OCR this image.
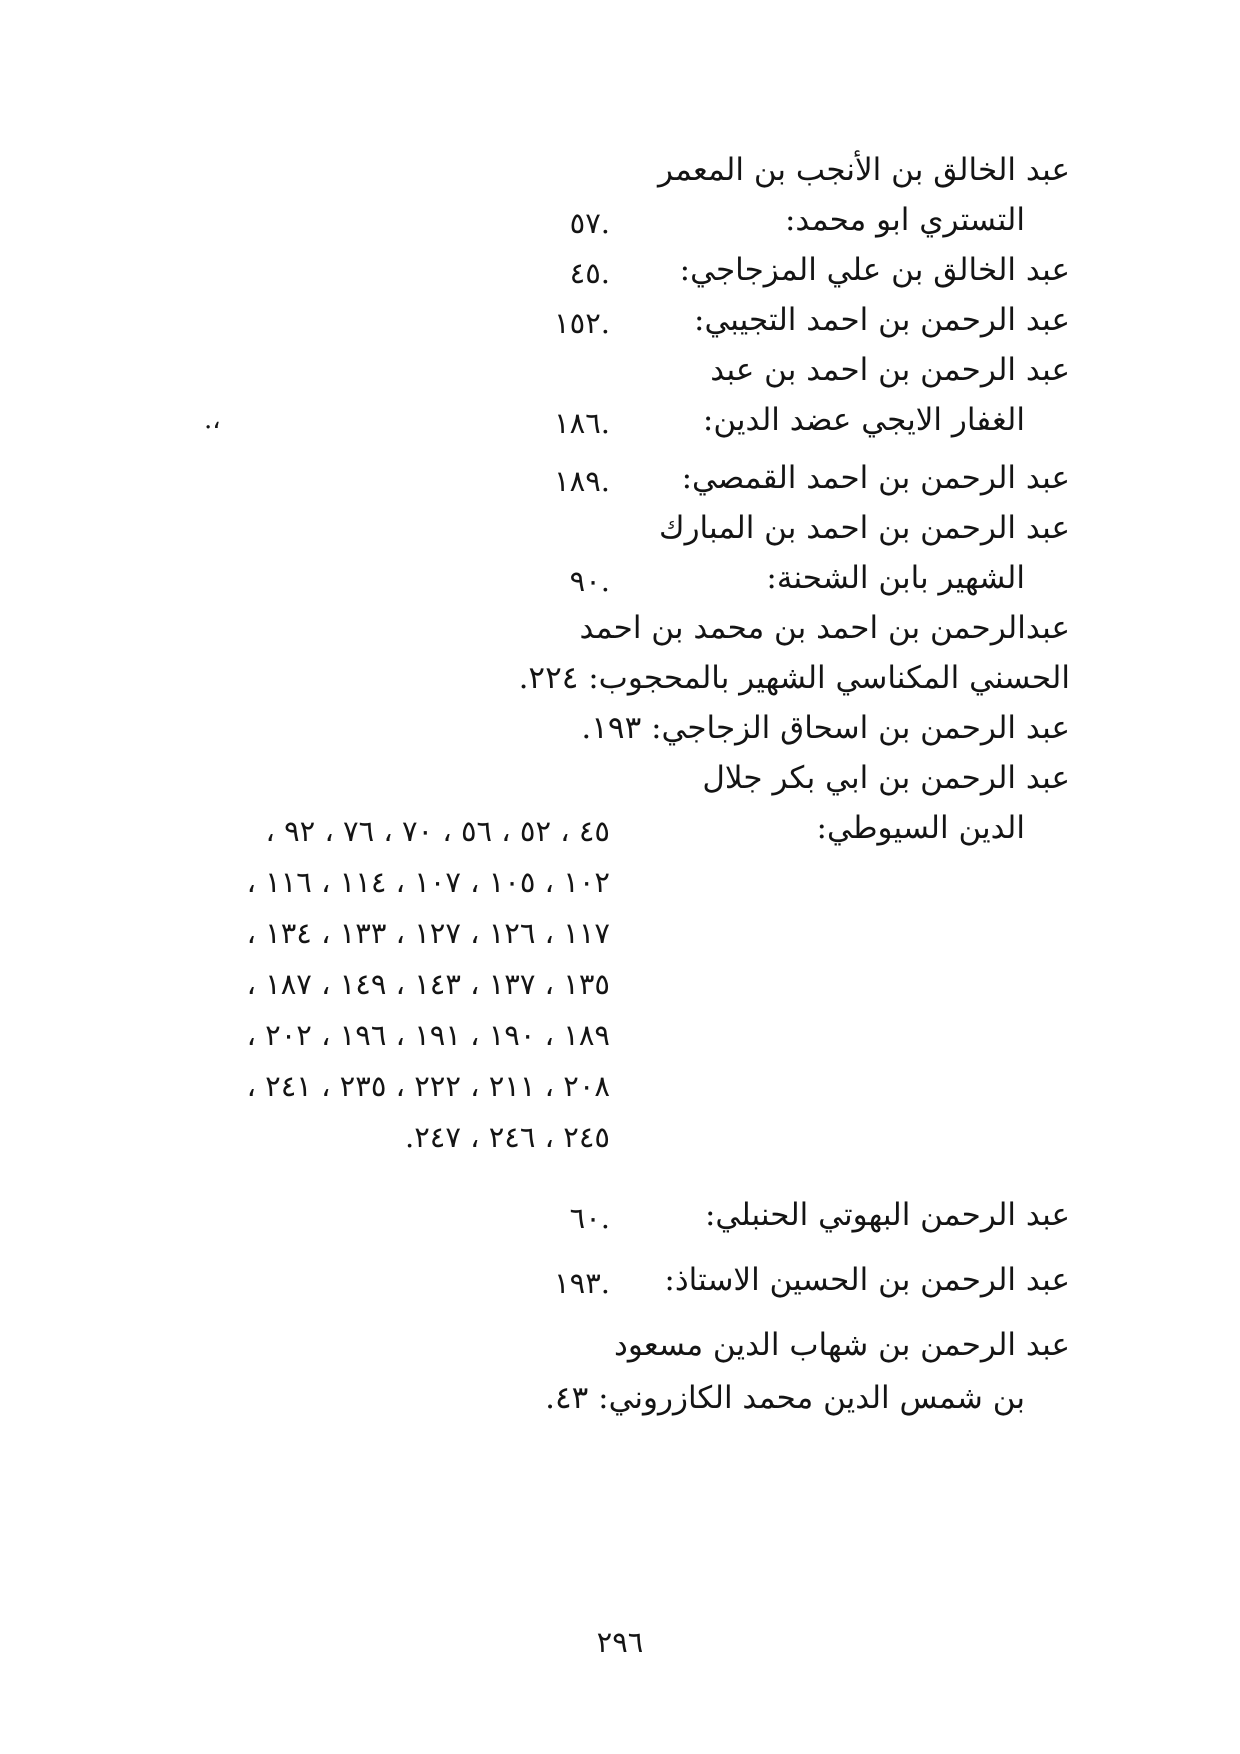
عبد الخالق بن الأنجب بن المعمر
التستري ابو محمد:
.٥٧
عبد الخالق بن علي المزجاجي:
.٤٥
عبد الرحمن بن احمد التجيبي:
.١٥٢
عبد الرحمن بن احمد بن عبد
،.	الغفار الايجي عضد الدين:
.١٨٦
عبد الرحمن بن احمد القمصي:
.١٨٩
عبد الرحمن بن احمد بن المبارك
الشهير بابن الشحنة:
.٩٠
عبدالرحمن بن احمد بن محمد بن احمد
الحسني المكناسي الشهير بالمحجوب: ٢٢٤.
عبد الرحمن بن اسحاق الزجاجي: ١٩٣.
عبد الرحمن بن ابي بكر جلال
الدين السيوطي:
٤٥ ، ٥٢ ، ٥٦ ، ٧٠ ، ٧٦ ، ٩٢ ،
١٠٢ ، ١٠٥ ، ١٠٧ ، ١١٤ ، ١١٦ ،
١١٧ ، ١٢٦ ، ١٢٧ ، ١٣٣ ، ١٣٤ ،
١٣٥ ، ١٣٧ ، ١٤٣ ، ١٤٩ ، ١٨٧ ،
١٨٩ ، ١٩٠ ، ١٩١ ، ١٩٦ ، ٢٠٢ ،
٢٠٨ ، ٢١١ ، ٢٢٢ ، ٢٣٥ ، ٢٤١ ،
٢٤٥ ، ٢٤٦ ، ٢٤٧.
عبد الرحمن البهوتي الحنبلي:
.٦٠
عبد الرحمن بن الحسين الاستاذ:
.١٩٣
عبد الرحمن بن شهاب الدين مسعود
بن شمس الدين محمد الكازروني: ٤٣.
٢٩٦
